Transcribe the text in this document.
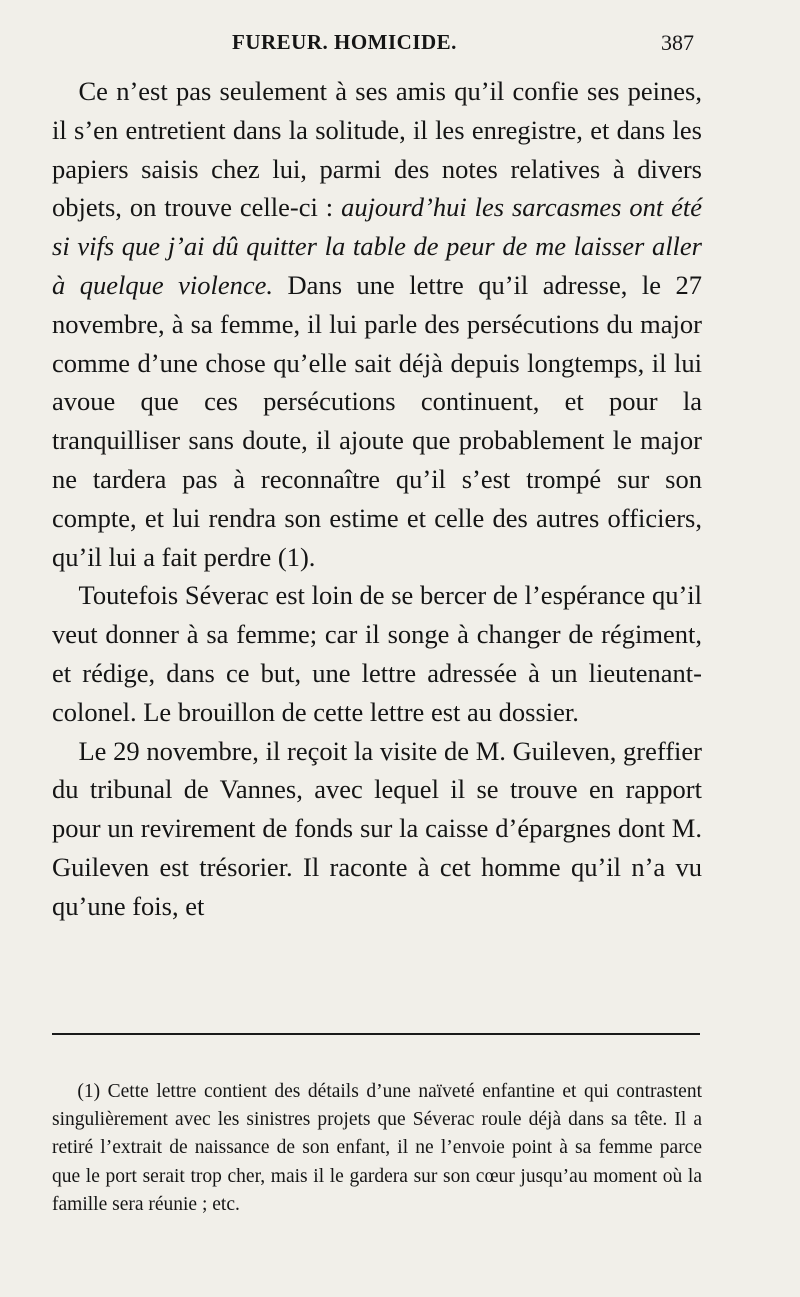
FUREUR. HOMICIDE.	387

Ce n’est pas seulement à ses amis qu’il confie ses peines, il s’en entretient dans la solitude, il les enregistre, et dans les papiers saisis chez lui, parmi des notes relatives à divers objets, on trouve celle-ci : aujourd’hui les sarcasmes ont été si vifs que j’ai dû quitter la table de peur de me laisser aller à quelque violence. Dans une lettre qu’il adresse, le 27 novembre, à sa femme, il lui parle des persécutions du major comme d’une chose qu’elle sait déjà depuis longtemps, il lui avoue que ces persécutions continuent, et pour la tranquilliser sans doute, il ajoute que probablement le major ne tardera pas à reconnaître qu’il s’est trompé sur son compte, et lui rendra son estime et celle des autres officiers, qu’il lui a fait perdre (1).

Toutefois Séverac est loin de se bercer de l’espérance qu’il veut donner à sa femme; car il songe à changer de régiment, et rédige, dans ce but, une lettre adressée à un lieutenant-colonel. Le brouillon de cette lettre est au dossier.

Le 29 novembre, il reçoit la visite de M. Guileven, greffier du tribunal de Vannes, avec lequel il se trouve en rapport pour un revirement de fonds sur la caisse d’épargnes dont M. Guileven est trésorier. Il raconte à cet homme qu’il n’a vu qu’une fois, et

(1) Cette lettre contient des détails d’une naïveté enfantine et qui contrastent singulièrement avec les sinistres projets que Séverac roule déjà dans sa tête. Il a retiré l’extrait de naissance de son enfant, il ne l’envoie point à sa femme parce que le port serait trop cher, mais il le gardera sur son cœur jusqu’au moment où la famille sera réunie ; etc.
